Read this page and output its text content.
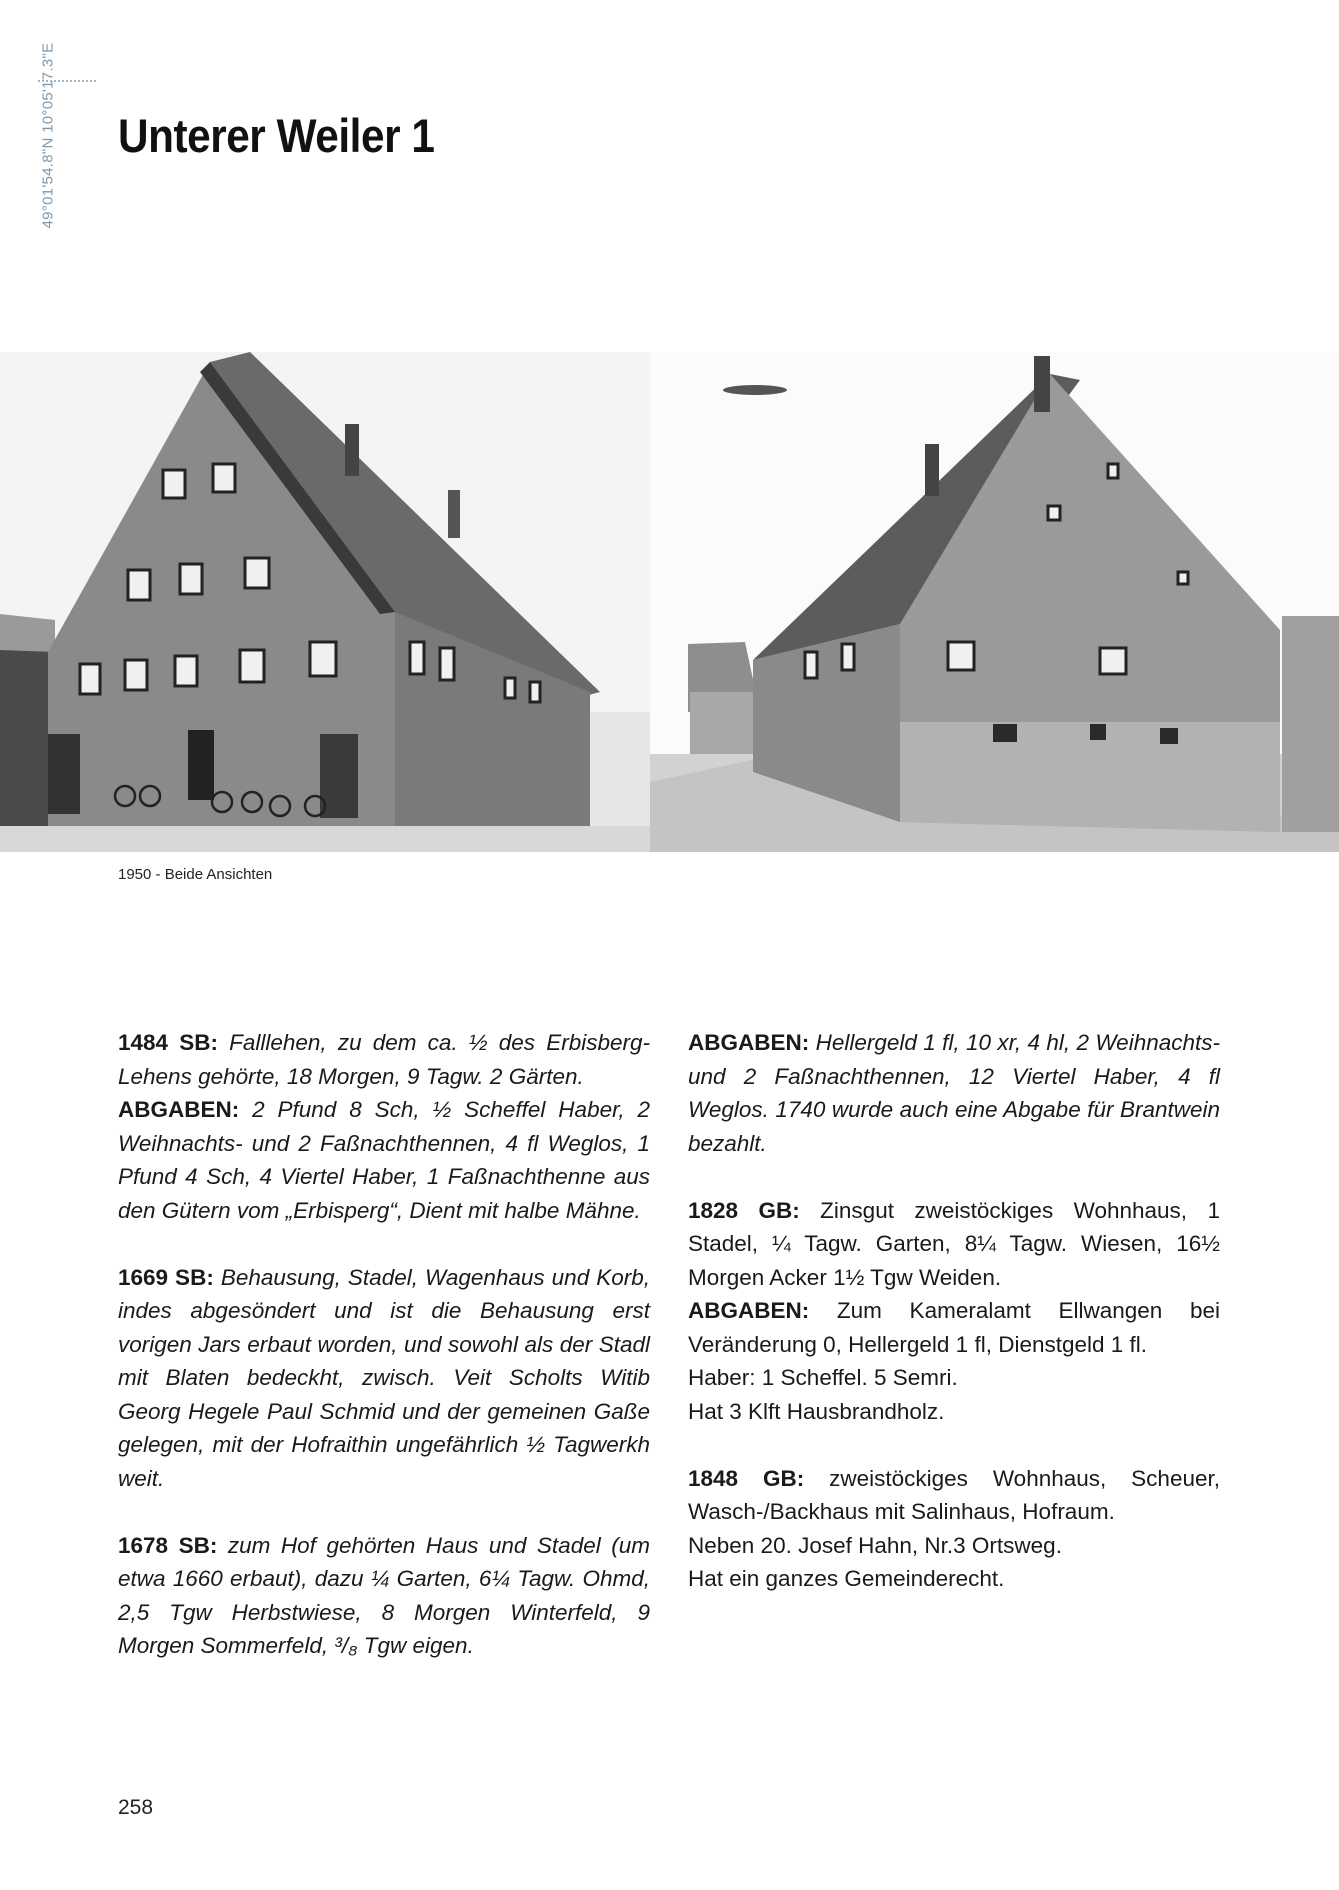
49°01'54.8"N 10°05'17.3"E Unterer Weiler 1
1950 - Beide Ansichten

1484 SB: Falllehen, zu dem ca. ½ des Erbisberg-Lehens gehörte, 18 Morgen, 9 Tagw. 2 Gärten.
ABGABEN: 2 Pfund 8 Sch, ½ Scheffel Haber, 2 Weihnachts- und 2 Faßnachthennen, 4 fl Weglos, 1 Pfund 4 Sch, 4 Viertel Haber, 1 Faßnachthenne aus den Gütern vom „Erbisperg“, Dient mit halbe Mähne.

1669 SB: Behausung, Stadel, Wagenhaus und Korb, indes abgesöndert und ist die Behausung erst vorigen Jars erbaut worden, und sowohl als der Stadl mit Blaten bedeckht, zwisch. Veit Scholts Witib Georg Hegele Paul Schmid und der gemeinen Gaße gelegen, mit der Hofraithin ungefährlich ½ Tagwerkh weit.

1678 SB: zum Hof gehörten Haus und Stadel (um etwa 1660 erbaut), dazu ¼ Garten, 6¼ Tagw. Ohmd, 2,5 Tgw Herbstwiese, 8 Morgen Winterfeld, 9 Morgen Sommerfeld, ³/₈ Tgw eigen.

ABGABEN: Hellergeld 1 fl, 10 xr, 4 hl, 2 Weihnachts- und 2 Faßnachthennen, 12 Viertel Haber, 4 fl Weglos. 1740 wurde auch eine Abgabe für Brantwein bezahlt.

1828 GB: Zinsgut zweistöckiges Wohnhaus, 1 Stadel, ¼ Tagw. Garten, 8¼ Tagw. Wiesen, 16½ Morgen Acker 1½ Tgw Weiden.
ABGABEN: Zum Kameralamt Ellwangen bei Veränderung 0, Hellergeld 1 fl, Dienstgeld 1 fl.
Haber: 1 Scheffel. 5 Semri.
Hat 3 Klft Hausbrandholz.

1848 GB: zweistöckiges Wohnhaus, Scheuer, Wasch-/Backhaus mit Salinhaus, Hofraum.
Neben 20. Josef Hahn, Nr.3 Ortsweg.
Hat ein ganzes Gemeinderecht.

258
